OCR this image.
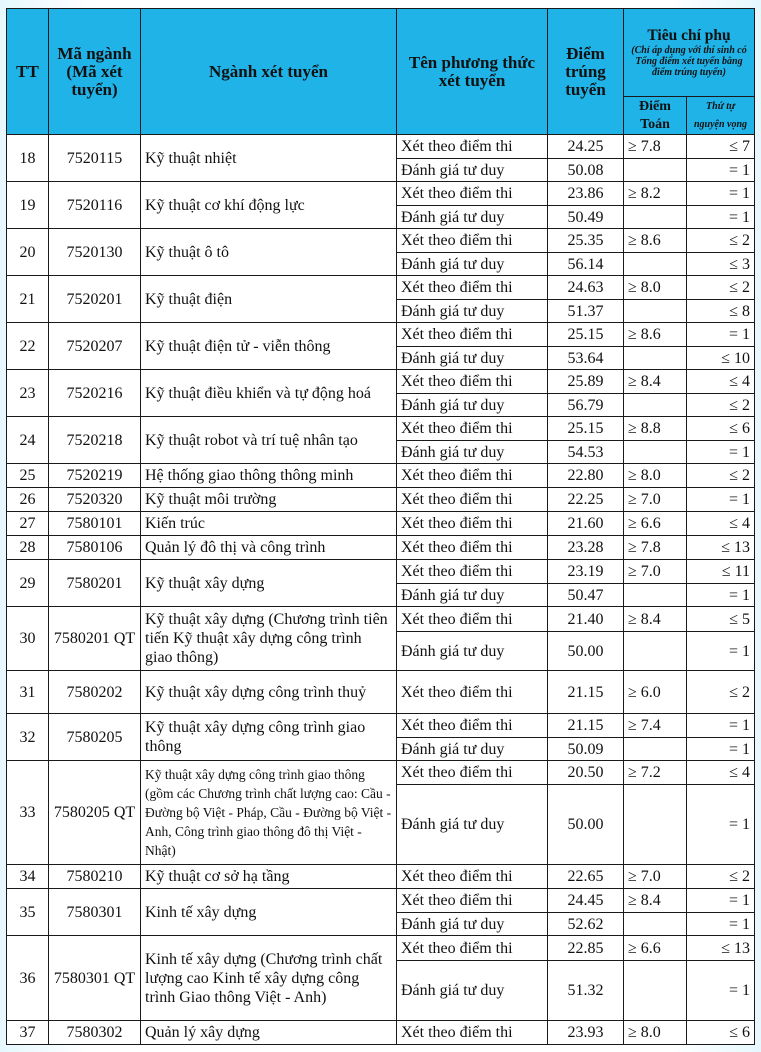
TT	Mã ngành (Mã xét tuyển)	Ngành xét tuyển	Tên phương thức xét tuyển	Điểm trúng tuyển	Tiêu chí phụ
(Chỉ áp dụng với thí sinh có Tổng điểm xét tuyển bằng điểm trúng tuyển)	

					Điểm Toán	Thứ tự nguyện vọng
18	7520115	Kỹ thuật nhiệt	Xét theo điểm thi	24.25	≥ 7.8	≤ 7
			Đánh giá tư duy	50.08		= 1
19	7520116	Kỹ thuật cơ khí động lực	Xét theo điểm thi	23.86	≥ 8.2	= 1
			Đánh giá tư duy	50.49		= 1
20	7520130	Kỹ thuật ô tô	Xét theo điểm thi	25.35	≥ 8.6	≤ 2
			Đánh giá tư duy	56.14		≤ 3
21	7520201	Kỹ thuật điện	Xét theo điểm thi	24.63	≥ 8.0	≤ 2
			Đánh giá tư duy	51.37		≤ 8
22	7520207	Kỹ thuật điện tử - viễn thông	Xét theo điểm thi	25.15	≥ 8.6	= 1
			Đánh giá tư duy	53.64		≤ 10
23	7520216	Kỹ thuật điều khiển và tự động hoá	Xét theo điểm thi	25.89	≥ 8.4	≤ 4
			Đánh giá tư duy	56.79		≤ 2
24	7520218	Kỹ thuật robot và trí tuệ nhân tạo	Xét theo điểm thi	25.15	≥ 8.8	≤ 6
			Đánh giá tư duy	54.53		= 1
25	7520219	Hệ thống giao thông thông minh	Xét theo điểm thi	22.80	≥ 8.0	≤ 2
26	7520320	Kỹ thuật môi trường	Xét theo điểm thi	22.25	≥ 7.0	= 1
27	7580101	Kiến trúc	Xét theo điểm thi	21.60	≥ 6.6	≤ 4
28	7580106	Quản lý đô thị và công trình	Xét theo điểm thi	23.28	≥ 7.8	≤ 13
29	7580201	Kỹ thuật xây dựng	Xét theo điểm thi	23.19	≥ 7.0	≤ 11
			Đánh giá tư duy	50.47		= 1
30	7580201 QT	Kỹ thuật xây dựng (Chương trình tiên tiến Kỹ thuật xây dựng công trình giao thông)	Xét theo điểm thi	21.40	≥ 8.4	≤ 5
			Đánh giá tư duy	50.00		= 1
31	7580202	Kỹ thuật xây dựng công trình thuỷ	Xét theo điểm thi	21.15	≥ 6.0	≤ 2
32	7580205	Kỹ thuật xây dựng công trình giao thông	Xét theo điểm thi	21.15	≥ 7.4	= 1
			Đánh giá tư duy	50.09		= 1
33	7580205 QT	Kỹ thuật xây dựng công trình giao thông (gồm các Chương trình chất lượng cao: Cầu - Đường bộ Việt - Pháp, Cầu - Đường bộ Việt - Anh, Công trình giao thông đô thị Việt - Nhật)	Xét theo điểm thi	20.50	≥ 7.2	≤ 4
			Đánh giá tư duy	50.00		= 1
34	7580210	Kỹ thuật cơ sở hạ tầng	Xét theo điểm thi	22.65	≥ 7.0	≤ 2
35	7580301	Kinh tế xây dựng	Xét theo điểm thi	24.45	≥ 8.4	= 1
			Đánh giá tư duy	52.62		= 1
36	7580301 QT	Kinh tế xây dựng (Chương trình chất lượng cao Kinh tế xây dựng công trình Giao thông Việt - Anh)	Xét theo điểm thi	22.85	≥ 6.6	≤ 13
			Đánh giá tư duy	51.32		= 1
37	7580302	Quản lý xây dựng	Xét theo điểm thi	23.93	≥ 8.0	≤ 6
